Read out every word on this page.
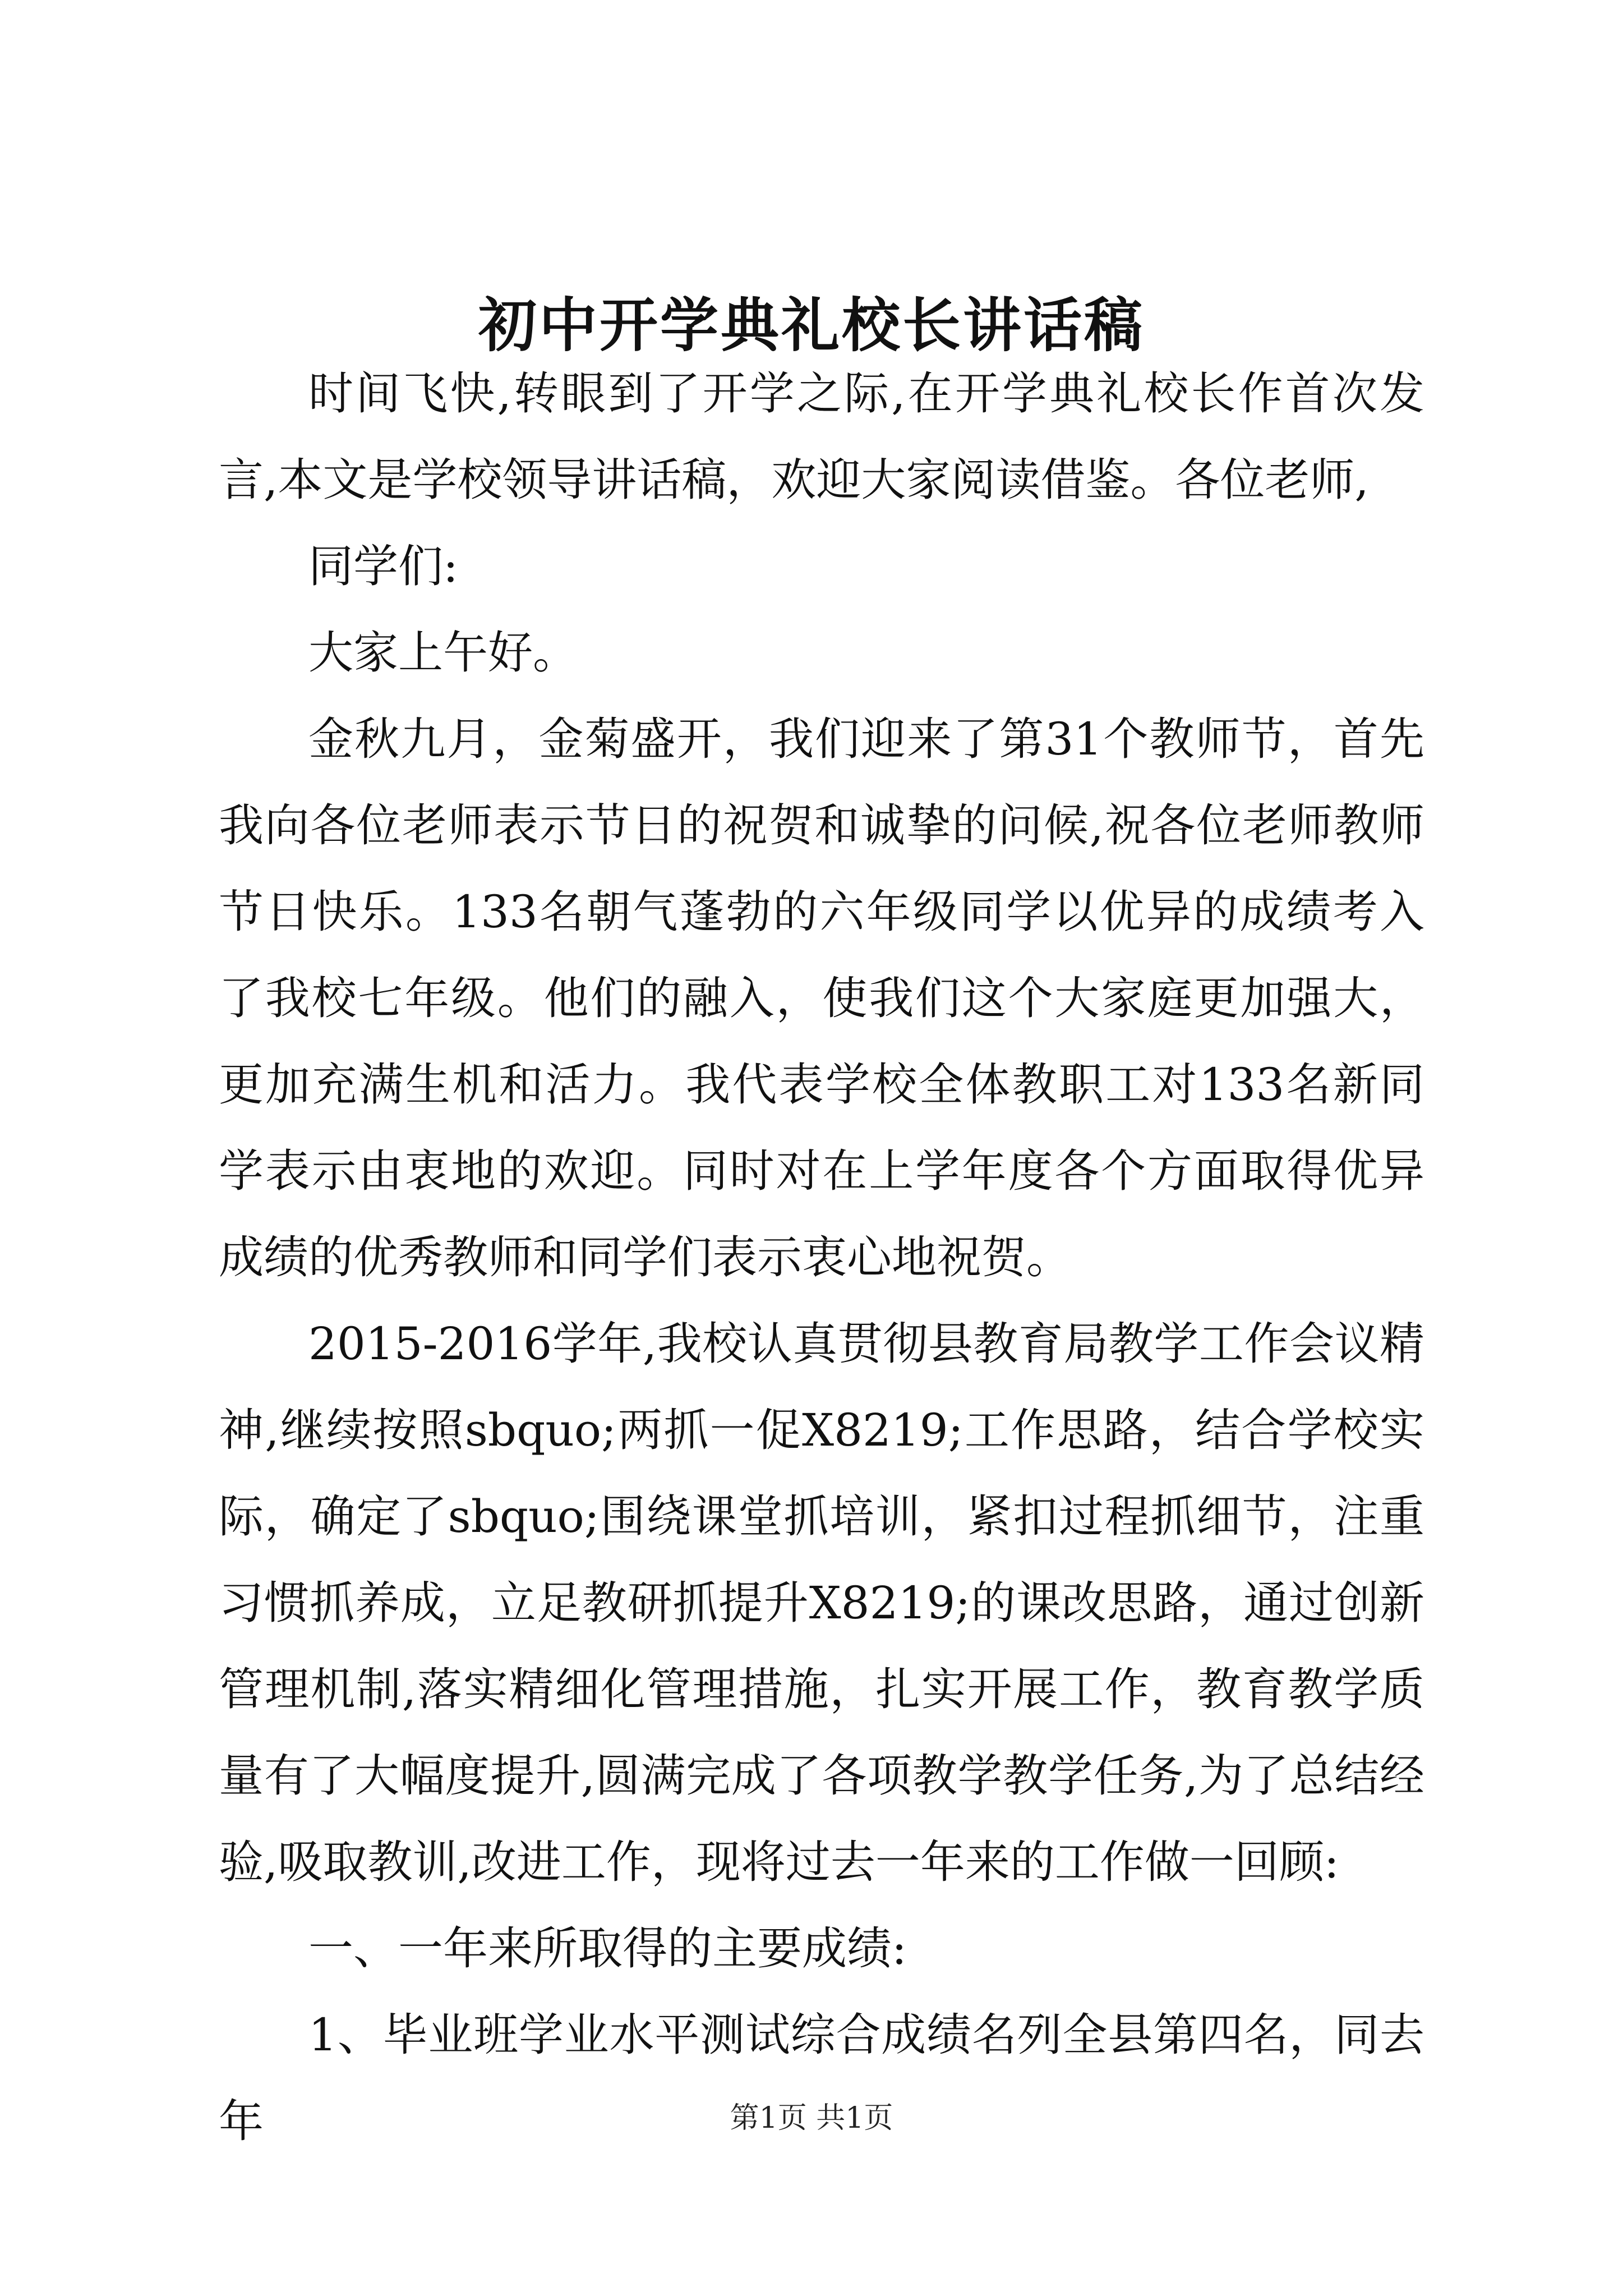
初中开学典礼校长讲话稿

时间飞快,转眼到了开学之际,在开学典礼校长作首次发言,本文是学校领导讲话稿，欢迎大家阅读借鉴。各位老师,

同学们:

大家上午好。

金秋九月，金菊盛开，我们迎来了第31个教师节，首先我向各位老师表示节日的祝贺和诚挚的问候,祝各位老师教师节日快乐。133名朝气蓬勃的六年级同学以优异的成绩考入了我校七年级。他们的融入，使我们这个大家庭更加强大，更加充满生机和活力。我代表学校全体教职工对133名新同学表示由衷地的欢迎。同时对在上学年度各个方面取得优异成绩的优秀教师和同学们表示衷心地祝贺。

2015-2016学年,我校认真贯彻县教育局教学工作会议精神,继续按照sbquo;两抓一促X8219;工作思路，结合学校实际，确定了sbquo;围绕课堂抓培训，紧扣过程抓细节，注重习惯抓养成，立足教研抓提升X8219;的课改思路，通过创新管理机制,落实精细化管理措施，扎实开展工作，教育教学质量有了大幅度提升,圆满完成了各项教学教学任务,为了总结经验,吸取教训,改进工作，现将过去一年来的工作做一回顾:

一、一年来所取得的主要成绩:

1、毕业班学业水平测试综合成绩名列全县第四名，同去年	第1页 共1页
